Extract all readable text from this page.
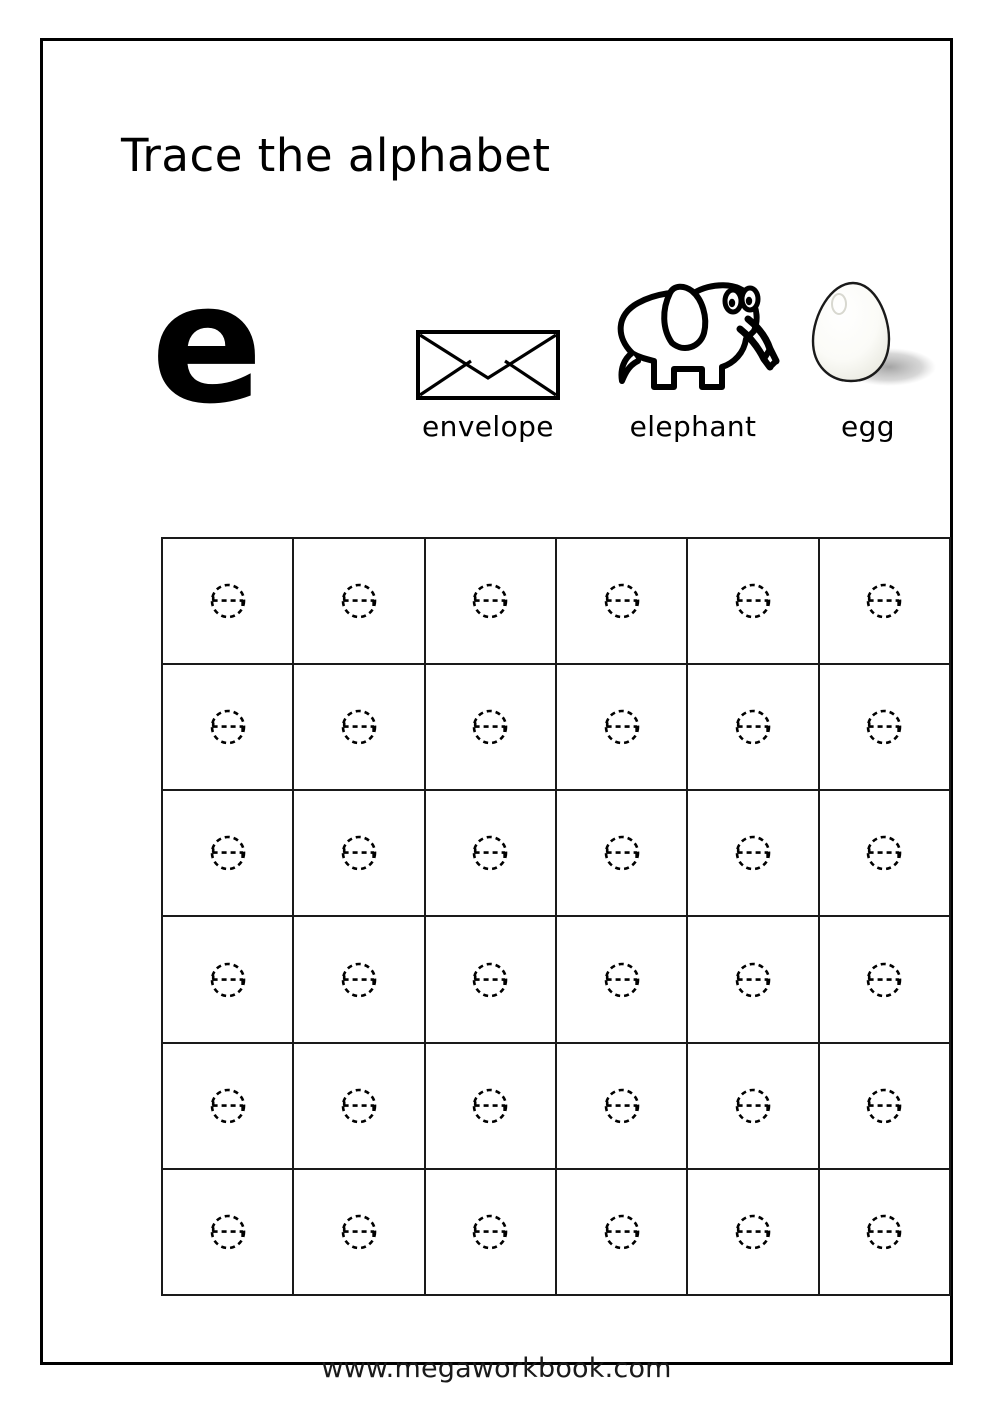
Trace the alphabet
e	envelope	elephant	egg
www.megaworkbook.com
